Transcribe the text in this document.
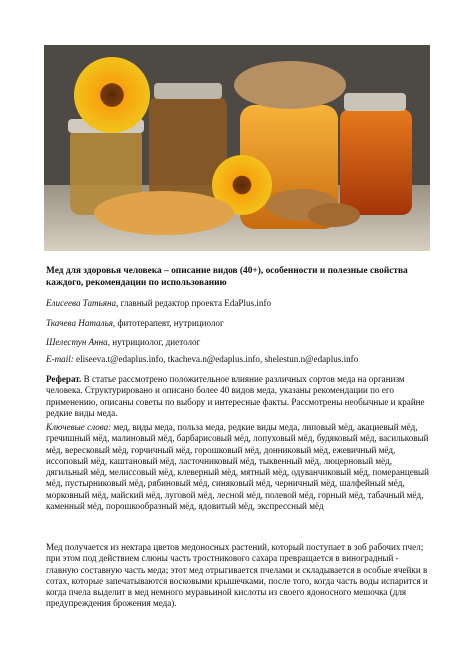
Мед для здоровья человека – описание видов (40+), особенности и полезные свойства каждого, рекомендации по использованию
Елисеева Татьяна, главный редактор проекта EdaPlus.info
Ткачева Наталья, фитотерапевт, нутрициолог
Шелестун Анна, нутрициолог, диетолог
E-mail: eliseeva.t@edaplus.info, tkacheva.n@edaplus.info, shelestun.n@edaplus.info
Реферат. В статье рассмотрено положительное влияние различных сортов меда на организм человека. Структурировано и описано более 40 видов меда, указаны рекомендации по его применению, описаны советы по выбору и интересные факты. Рассмотрены необычные и крайне редкие виды меда.
Ключевые слова: мед, виды меда, польза меда, редкие виды меда, липовый мёд, акациевый мёд, гречишный мёд, малиновый мёд, барбарисовый мёд, лопуховый мёд, будяковый мёд, васильковый мёд, вересковый мёд, горчичный мёд, горошковый мёд, донниковый мёд, ежевичный мёд, иссоповый мёд, каштановый мёд, ласточниковый мёд, тыквенный мёд, люцерновый мёд, дягильный мёд, мелиссовый мёд, клеверный мёд, мятный мёд, одуванчиковый мёд, померанцевый мёд, пустырниковый мёд, рябиновый мёд, синяковый мёд, черничный мёд, шалфейный мёд, морковный мёд, майский мёд, луговой мёд, лесной мёд, полевой мёд, горный мёд, табачный мёд, каменный мёд, порошкообразный мёд, ядовитый мёд, экспрессный мёд
Мед получается из нектара цветов медоносных растений, который поступает в зоб рабочих пчел; при этом под действием слюны часть тростникового сахара превращается в виноградный - главную составную часть меда; этот мед отрыгивается пчелами и складывается в особые ячейки в сотах, которые запечатываются восковыми крышечками, после того, когда часть воды испарится и когда пчела выделит в мед немного муравьиной кислоты из своего ядоносного мешочка (для предупреждения брожения меда).
